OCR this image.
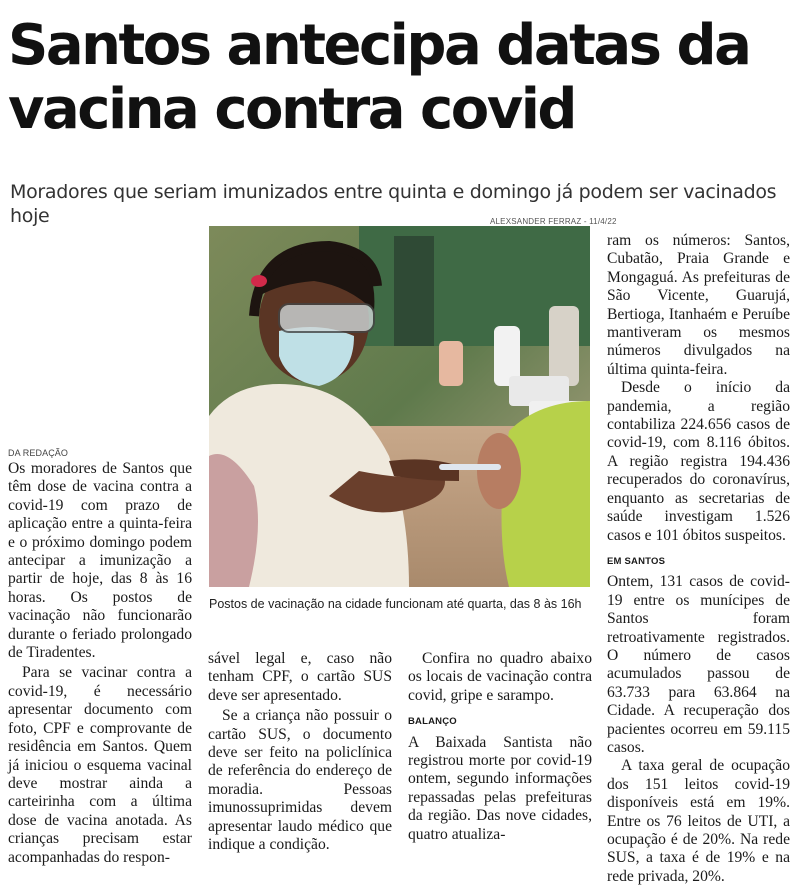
Santos antecipa datas da vacina contra covid
Moradores que seriam imunizados entre quinta e domingo já podem ser vacinados hoje	ALEXSANDER FERRAZ - 11/4/22
Postos de vacinação na cidade funcionam até quarta, das 8 às 16h
DA REDAÇÃO

Os moradores de Santos que têm dose de vacina contra a covid-19 com prazo de aplicação entre a quinta-feira e o próximo domingo podem antecipar a imunização a partir de hoje, das 8 às 16 horas. Os postos de vacinação não funcionarão durante o feriado prolongado de Tiradentes.

Para se vacinar contra a covid-19, é necessário apresentar documento com foto, CPF e comprovante de residência em Santos. Quem já iniciou o esquema vacinal deve mostrar ainda a carteirinha com a última dose de vacina anotada. As crianças precisam estar acompanhadas do respon-

sável legal e, caso não tenham CPF, o cartão SUS deve ser apresentado.

Se a criança não possuir o cartão SUS, o documento deve ser feito na policlínica de referência do endereço de moradia. Pessoas imunossuprimidas devem apresentar laudo médico que indique a condição.

Confira no quadro abaixo os locais de vacinação contra covid, gripe e sarampo.

BALANÇO

A Baixada Santista não registrou morte por covid-19 ontem, segundo informações repassadas pelas prefeituras da região. Das nove cidades, quatro atualiza-

ram os números: Santos, Cubatão, Praia Grande e Mongaguá. As prefeituras de São Vicente, Guarujá, Bertioga, Itanhaém e Peruíbe mantiveram os mesmos números divulgados na última quinta-feira.

Desde o início da pandemia, a região contabiliza 224.656 casos de covid-19, com 8.116 óbitos. A região registra 194.436 recuperados do coronavírus, enquanto as secretarias de saúde investigam 1.526 casos e 101 óbitos suspeitos.

EM SANTOS

Ontem, 131 casos de covid-19 entre os munícipes de Santos foram retroativamente registrados. O número de casos acumulados passou de 63.733 para 63.864 na Cidade. A recuperação dos pacientes ocorreu em 59.115 casos.

A taxa geral de ocupação dos 151 leitos covid-19 disponíveis está em 19%. Entre os 76 leitos de UTI, a ocupação é de 20%. Na rede SUS, a taxa é de 19% e na rede privada, 20%.
